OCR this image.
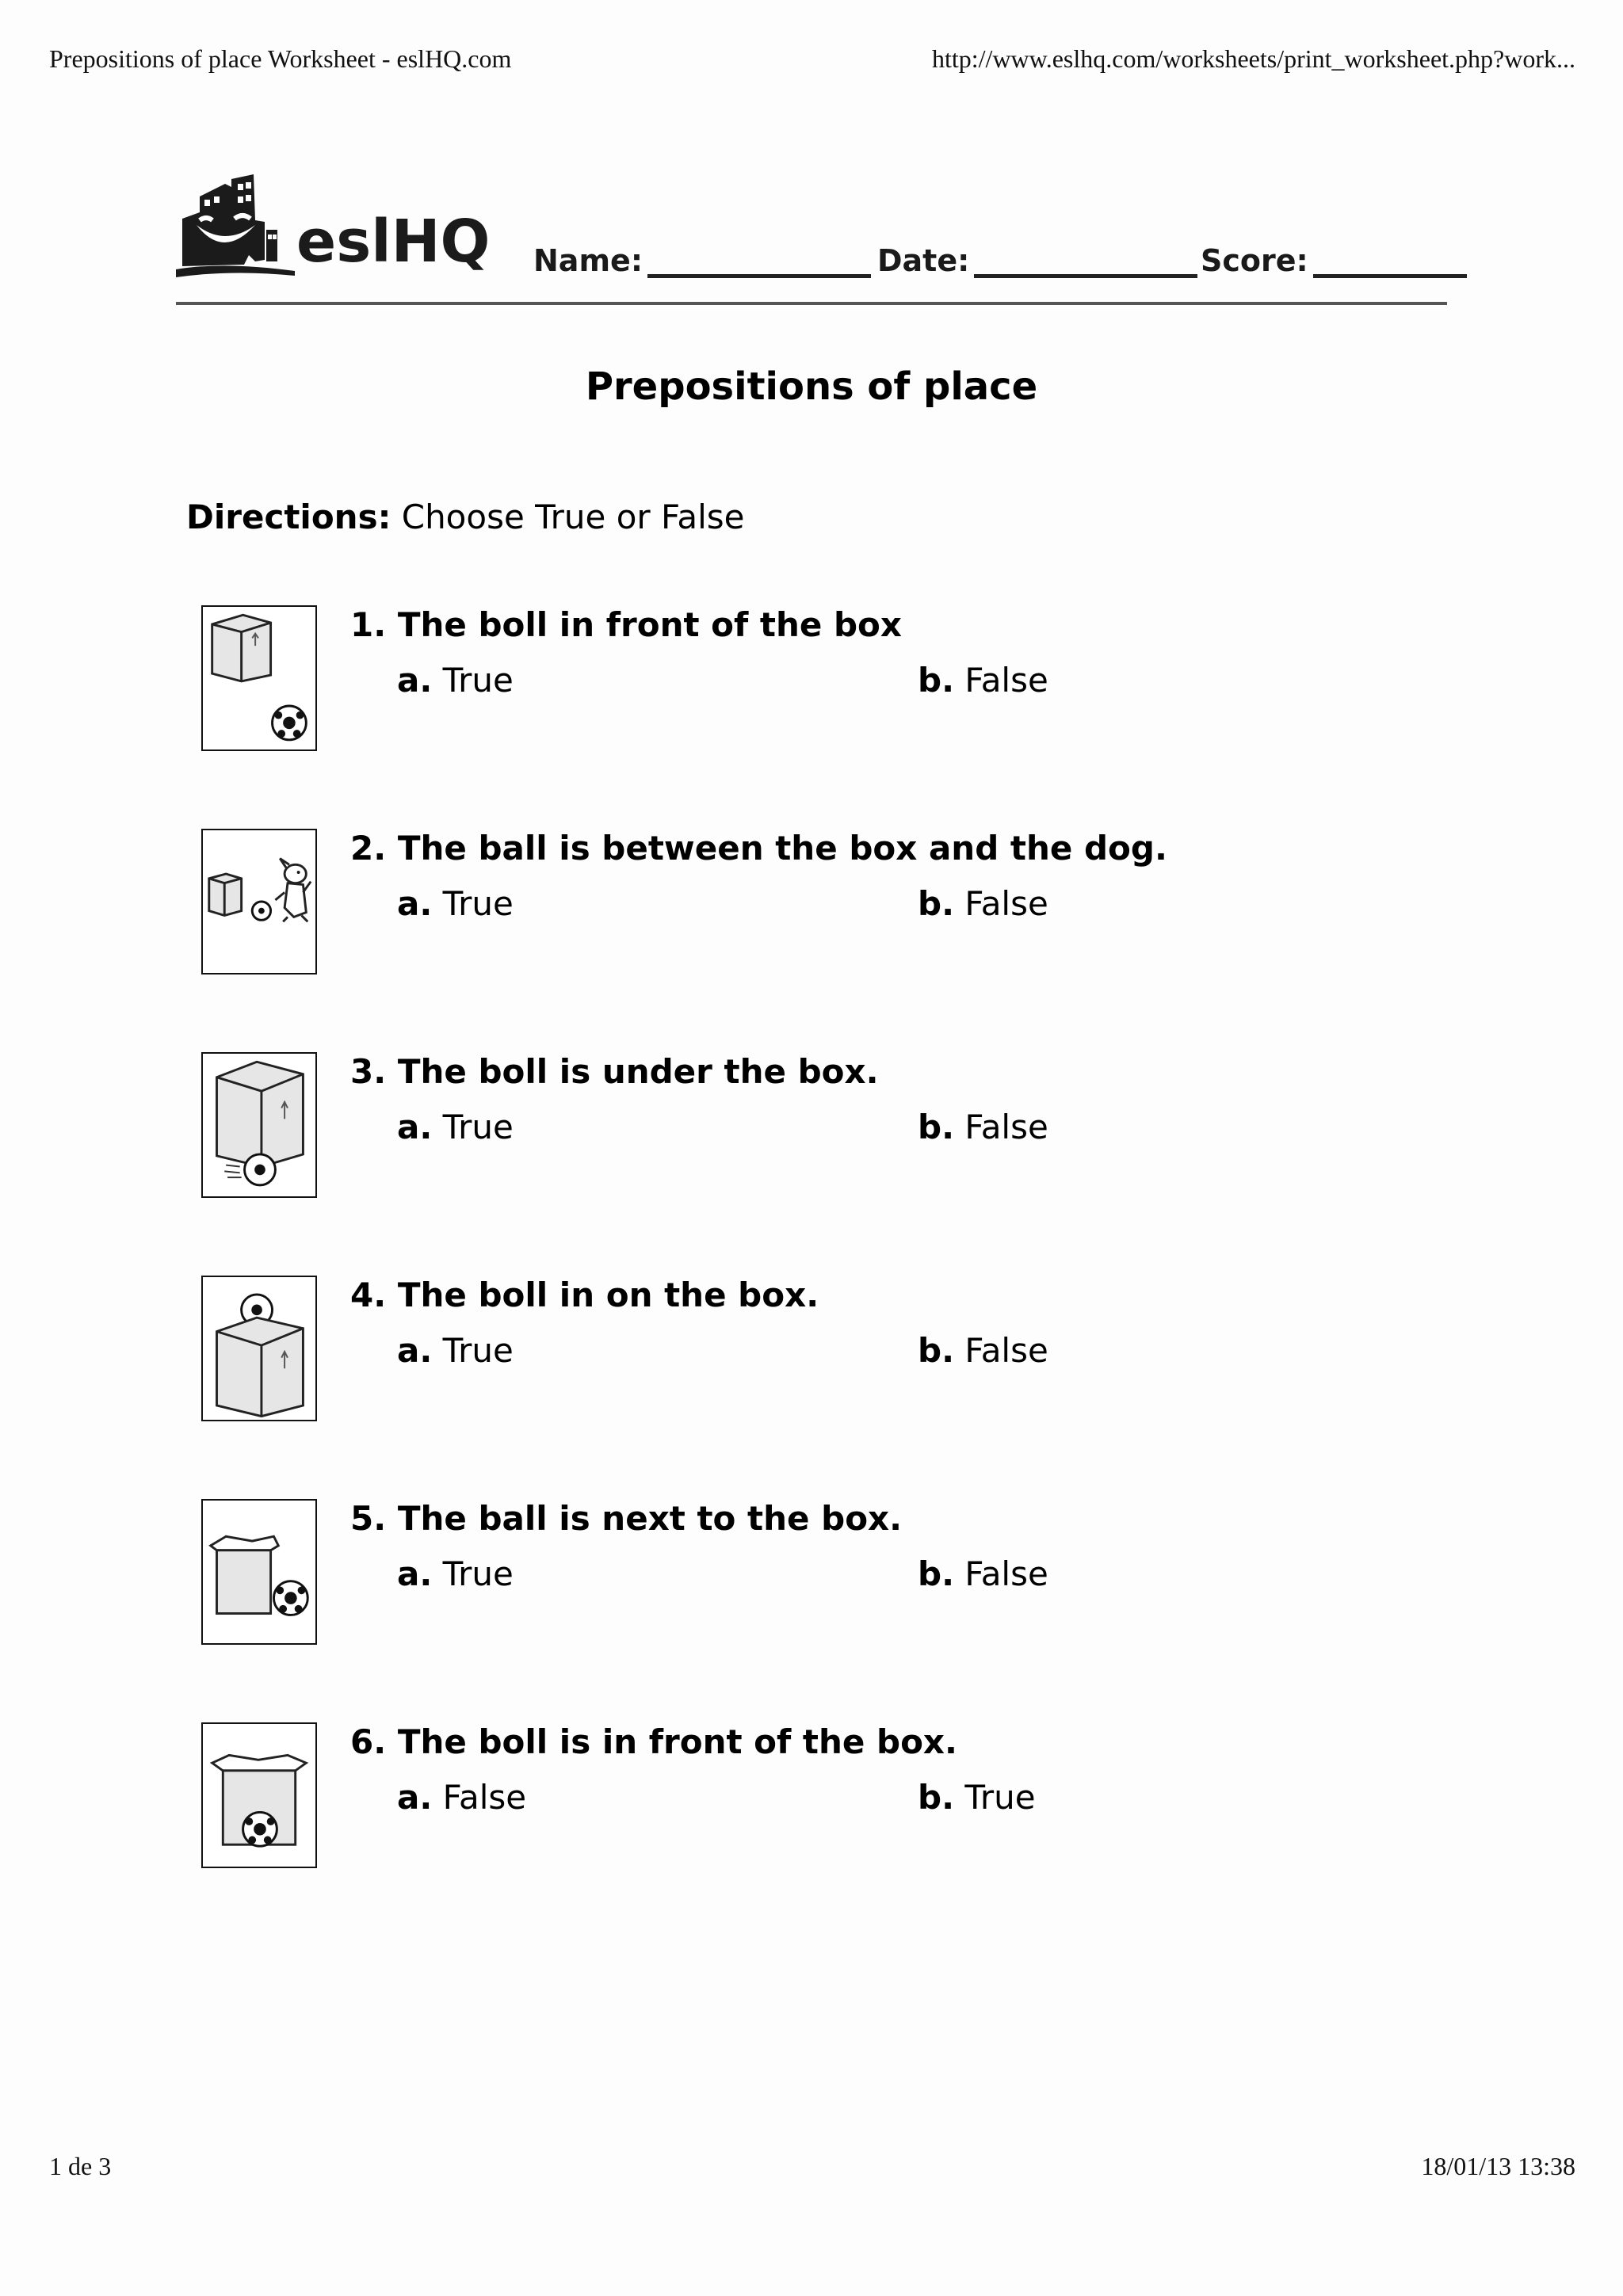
Prepositions of place Worksheet - eslHQ.com	http://www.eslhq.com/worksheets/print_worksheet.php?work...
eslHQ Name:	Date:	Score:
Prepositions of place
Directions: Choose True or False
1. The boll in front of the box
a. True	b. False
2. The ball is between the box and the dog.
a. True	b. False
3. The boll is under the box.
a. True	b. False
4. The boll in on the box.
a. True	b. False
5. The ball is next to the box.
a. True	b. False
6. The boll is in front of the box.
a. False	b. True
1 de 3	18/01/13 13:38
